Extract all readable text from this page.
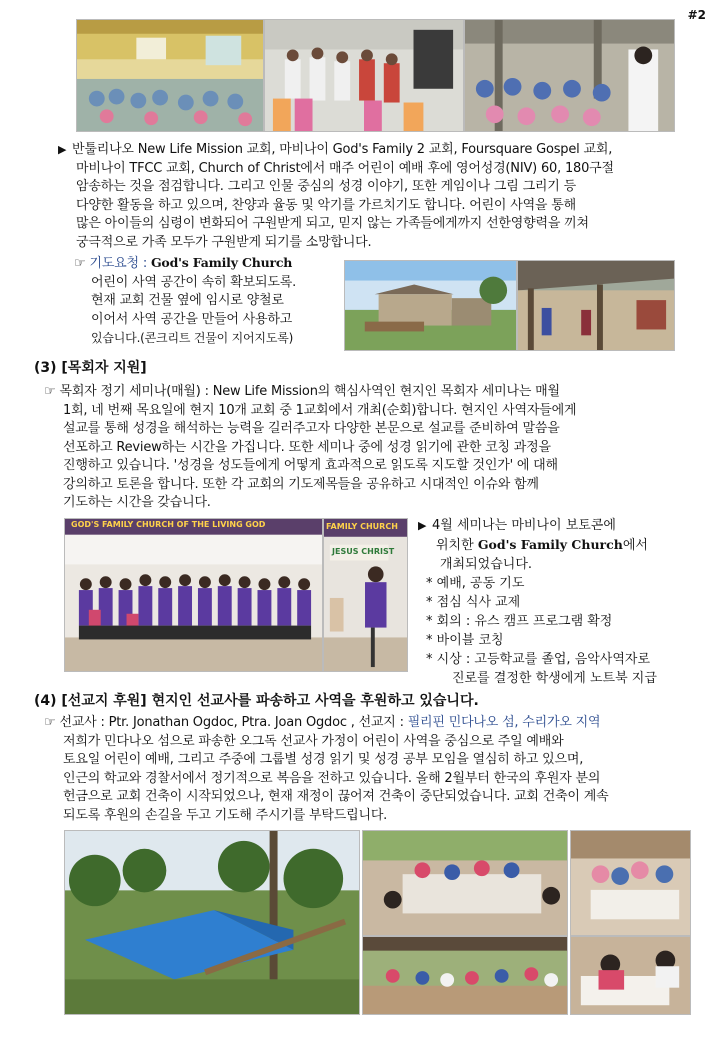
#2
▶ 반툴리나오 New Life Mission 교회, 마비나이 God's Family 2 교회, Foursquare Gospel 교회,
마비나이 TFCC 교회, Church of Christ에서 매주 어린이 예배 후에 영어성경(NIV) 60, 180구절
암송하는 것을 점검합니다. 그리고 인물 중심의 성경 이야기, 또한 게임이나 그림 그리기 등
다양한 활동을 하고 있으며, 찬양과 율동 및 악기를 가르치기도 합니다. 어린이 사역을 통해
많은 아이들의 심령이 변화되어 구원받게 되고, 믿지 않는 가족들에게까지 선한영향력을 끼쳐
궁극적으로 가족 모두가 구원받게 되기를 소망합니다.
☞ 기도요청 : God's Family Church
어린이 사역 공간이 속히 확보되도록.
현재 교회 건물 옆에 임시로 양철로
이어서 사역 공간을 만들어 사용하고
있습니다.(콘크리트 건물이 지어지도록)
(3) [목회자 지원]
☞ 목회자 정기 세미나(매월) : New Life Mission의 핵심사역인 현지인 목회자 세미나는 매월
1회, 네 번째 목요일에 현지 10개 교회 중 1교회에서 개최(순회)합니다. 현지인 사역자들에게
설교를 통해 성경을 해석하는 능력을 길러주고자 다양한 본문으로 설교를 준비하여 말씀을
선포하고 Review하는 시간을 가집니다. 또한 세미나 중에 성경 읽기에 관한 코칭 과정을
진행하고 있습니다. '성경을 성도들에게 어떻게 효과적으로 읽도록 지도할 것인가' 에 대해
강의하고 토론을 합니다. 또한 각 교회의 기도제목들을 공유하고 시대적인 이슈와 함께
기도하는 시간을 갖습니다.
GOD'S FAMILY CHURCH OF THE LIVING GOD	FAMILY CHURCH
JESUS CHRIST
▶ 4월 세미나는 마비나이 보토콘에
위치한 God's Family Church에서
개최되었습니다.
* 예배, 공동 기도
* 점심 식사 교제
* 회의 : 유스 캠프 프로그램 확정
* 바이블 코칭
* 시상 : 고등학교를 졸업, 음악사역자로
진로를 결정한 학생에게 노트북 지급
(4) [선교지 후원] 현지인 선교사를 파송하고 사역을 후원하고 있습니다.
☞ 선교사 : Ptr. Jonathan Ogdoc, Ptra. Joan Ogdoc , 선교지 : 필리핀 민다나오 섬, 수리가오 지역
저희가 민다나오 섬으로 파송한 오그독 선교사 가정이 어린이 사역을 중심으로 주일 예배와
토요일 어린이 예배, 그리고 주중에 그룹별 성경 읽기 및 성경 공부 모임을 열심히 하고 있으며,
인근의 학교와 경찰서에서 정기적으로 복음을 전하고 있습니다. 올해 2월부터 한국의 후원자 분의
헌금으로 교회 건축이 시작되었으나, 현재 재정이 끊어져 건축이 중단되었습니다. 교회 건축이 계속
되도록 후원의 손길을 두고 기도해 주시기를 부탁드립니다.
